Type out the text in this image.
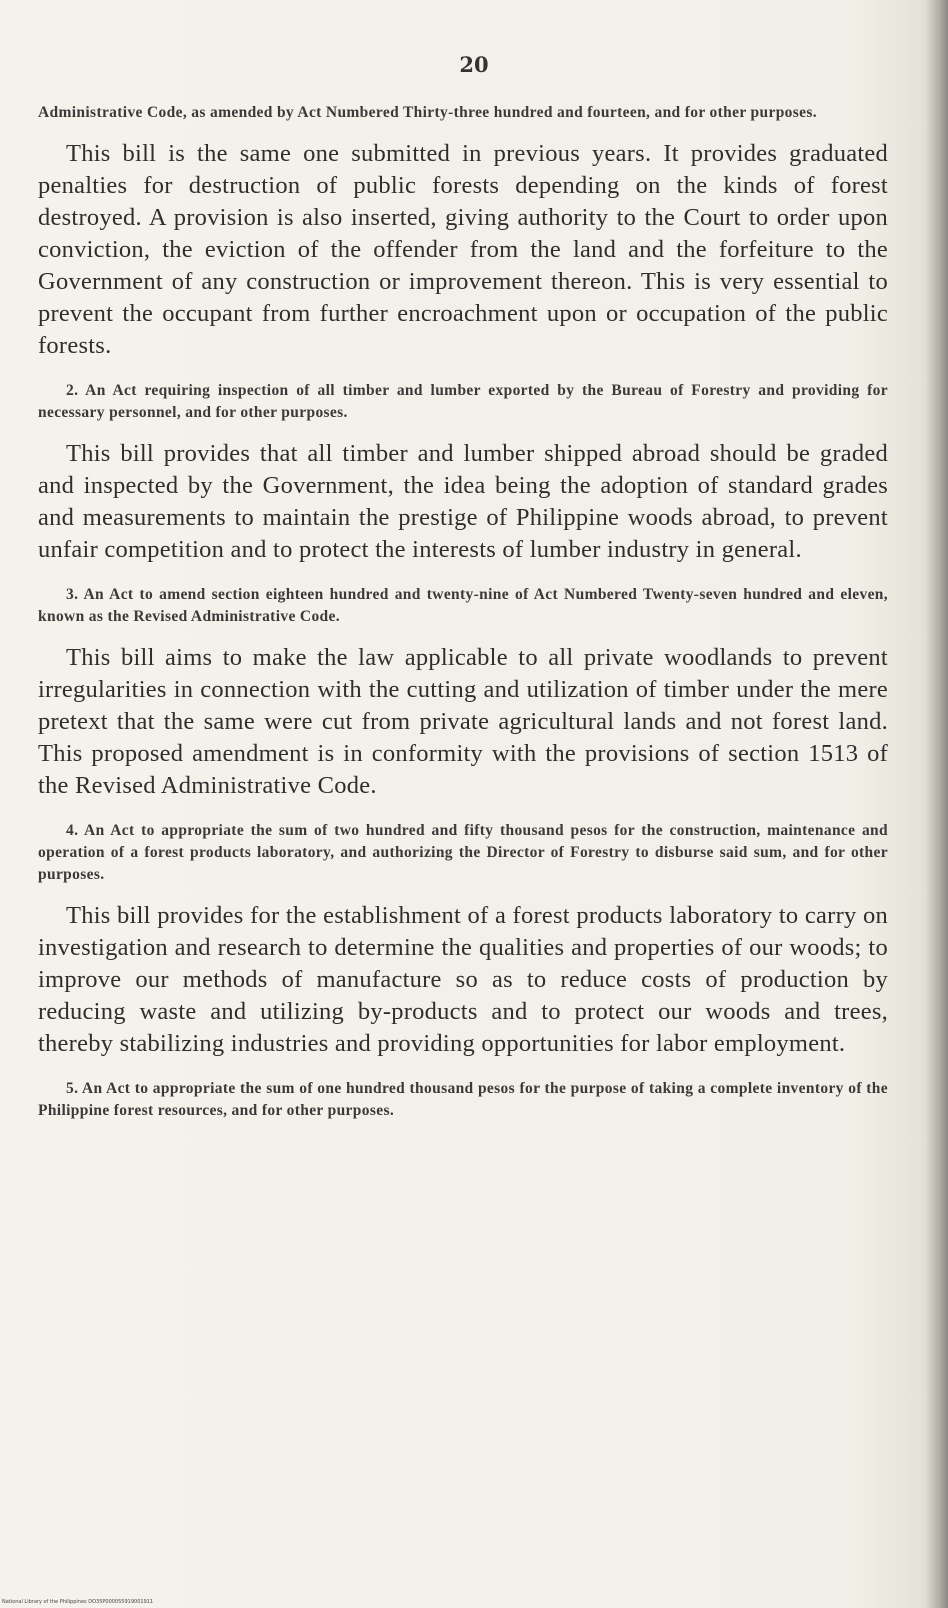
20

Administrative Code, as amended by Act Numbered Thirty-three hundred and fourteen, and for other purposes.

This bill is the same one submitted in previous years. It provides graduated penalties for destruction of public forests depending on the kinds of forest destroyed. A provision is also inserted, giving authority to the Court to order upon conviction, the eviction of the offender from the land and the forfeiture to the Government of any construction or improvement thereon. This is very essential to prevent the occupant from further encroachment upon or occupation of the public forests.

2. An Act requiring inspection of all timber and lumber exported by the Bureau of Forestry and providing for necessary personnel, and for other purposes.

This bill provides that all timber and lumber shipped abroad should be graded and inspected by the Government, the idea being the adoption of standard grades and measurements to maintain the prestige of Philippine woods abroad, to prevent unfair competition and to protect the interests of lumber industry in general.

3. An Act to amend section eighteen hundred and twenty-nine of Act Numbered Twenty-seven hundred and eleven, known as the Revised Administrative Code.

This bill aims to make the law applicable to all private woodlands to prevent irregularities in connection with the cutting and utilization of timber under the mere pretext that the same were cut from private agricultural lands and not forest land. This proposed amendment is in conformity with the provisions of section 1513 of the Revised Administrative Code.

4. An Act to appropriate the sum of two hundred and fifty thousand pesos for the construction, maintenance and operation of a forest products laboratory, and authorizing the Director of Forestry to disburse said sum, and for other purposes.

This bill provides for the establishment of a forest products laboratory to carry on investigation and research to determine the qualities and properties of our woods; to improve our methods of manufacture so as to reduce costs of production by reducing waste and utilizing by-products and to protect our woods and trees, thereby stabilizing industries and providing opportunities for labor employment.

5. An Act to appropriate the sum of one hundred thousand pesos for the purpose of taking a complete inventory of the Philippine forest resources, and for other purposes.

National Library of the Philippines DO35P000055919001911
